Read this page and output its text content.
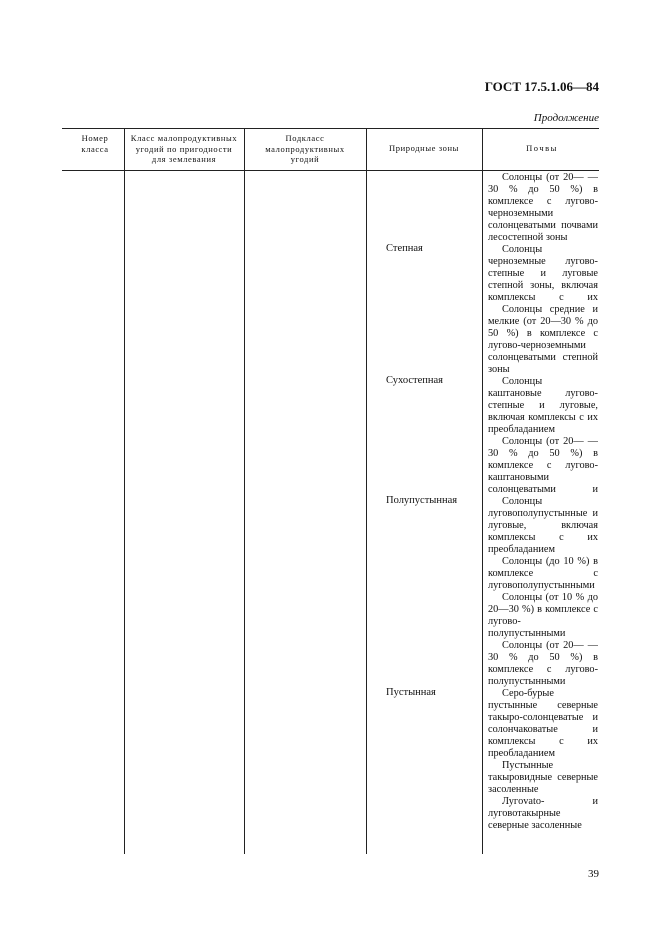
ГОСТ 17.5.1.06—84
Продолжение
Номер класса
Класс малопродуктивных угодий по пригодности для землевания
Подкласс малопродуктивных угодий
Природные зоны	Почвы
Степная
Сухостепная
Полупустынная
Пустынная

Солонцы (от 20— —30 % до 50 %) в комплексе с лугово-черноземными солонцеватыми почвами лесостепной зоны

Солонцы черноземные лугово-степные и луговые степной зоны, включая комплексы с их

Солонцы средние и мелкие (от 20—30 % до 50 %) в комплексе с лугово-черноземными солонцеватыми степной зоны

Солонцы каштановые лугово-степные и луговые, включая комплексы с их преобладанием

Солонцы (от 20— —30 % до 50 %) в комплексе с лугово-каштановыми солонцеватыми и

Солонцы луговополупустынные и луговые, включая комплексы с их преобладанием

Солонцы (до 10 %) в комплексе с луговополупустынными

Солонцы (от 10 % до 20—30 %) в комплексе с лугово-полупустынными

Солонцы (от 20— —30 % до 50 %) в комплексе с лугово-полупустынными

Серо-бурые пустынные северные такыро-солонцеватые и солончаковатые и комплексы с их преобладанием

Пустынные такыровидные северные засоленные

Лугovato- и луговотакырные северные засоленные

39
